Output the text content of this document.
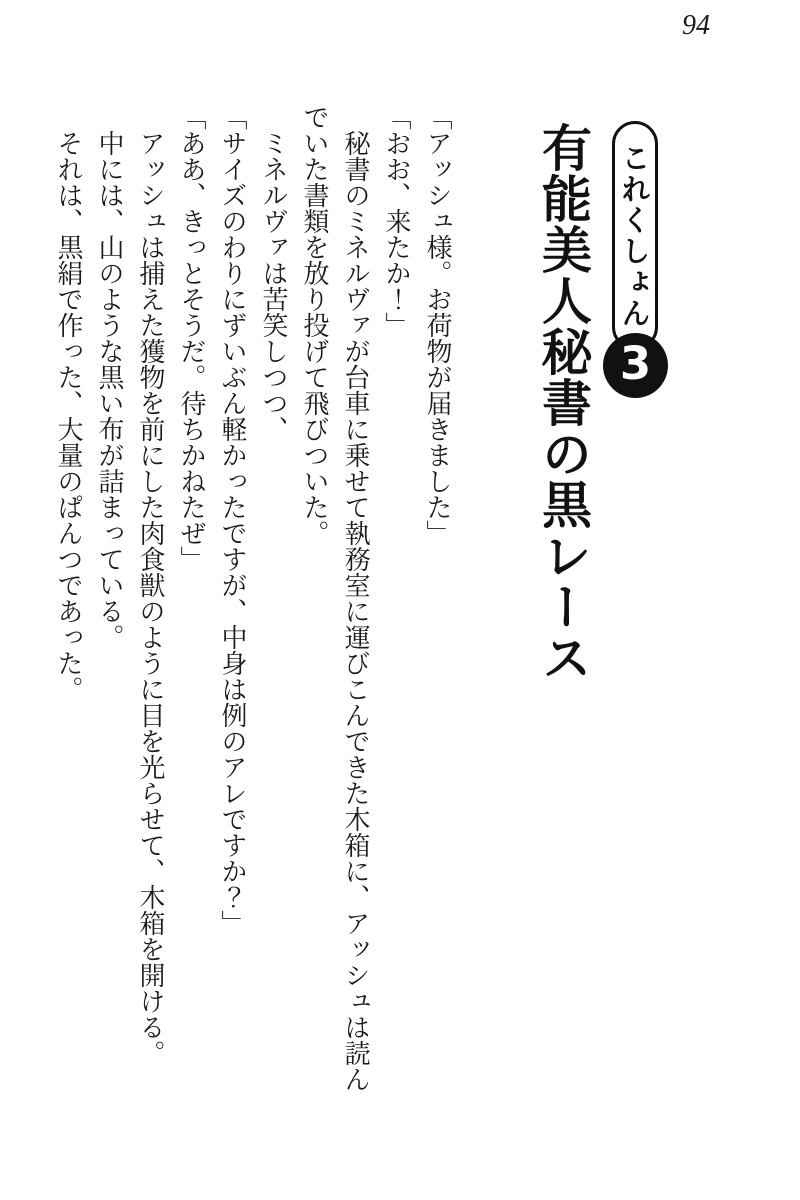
94
これくしょん
3
有能美人秘書の黒レース

「アッシュ様。お荷物が届きました」

「おお、来たか！」

　秘書のミネルヴァが台車に乗せて執務室に運びこんできた木箱に、アッシュは読ん

でいた書類を放り投げて飛びついた。

　ミネルヴァは苦笑しつつ、

「サイズのわりにずいぶん軽かったですが、中身は例のアレですか？」

「ああ、きっとそうだ。待ちかねたぜ」

　アッシュは捕えた獲物を前にした肉食獣のように目を光らせて、木箱を開ける。

　中には、山のような黒い布が詰まっている。

　それは、黒絹で作った、大量のぱんつであった。
